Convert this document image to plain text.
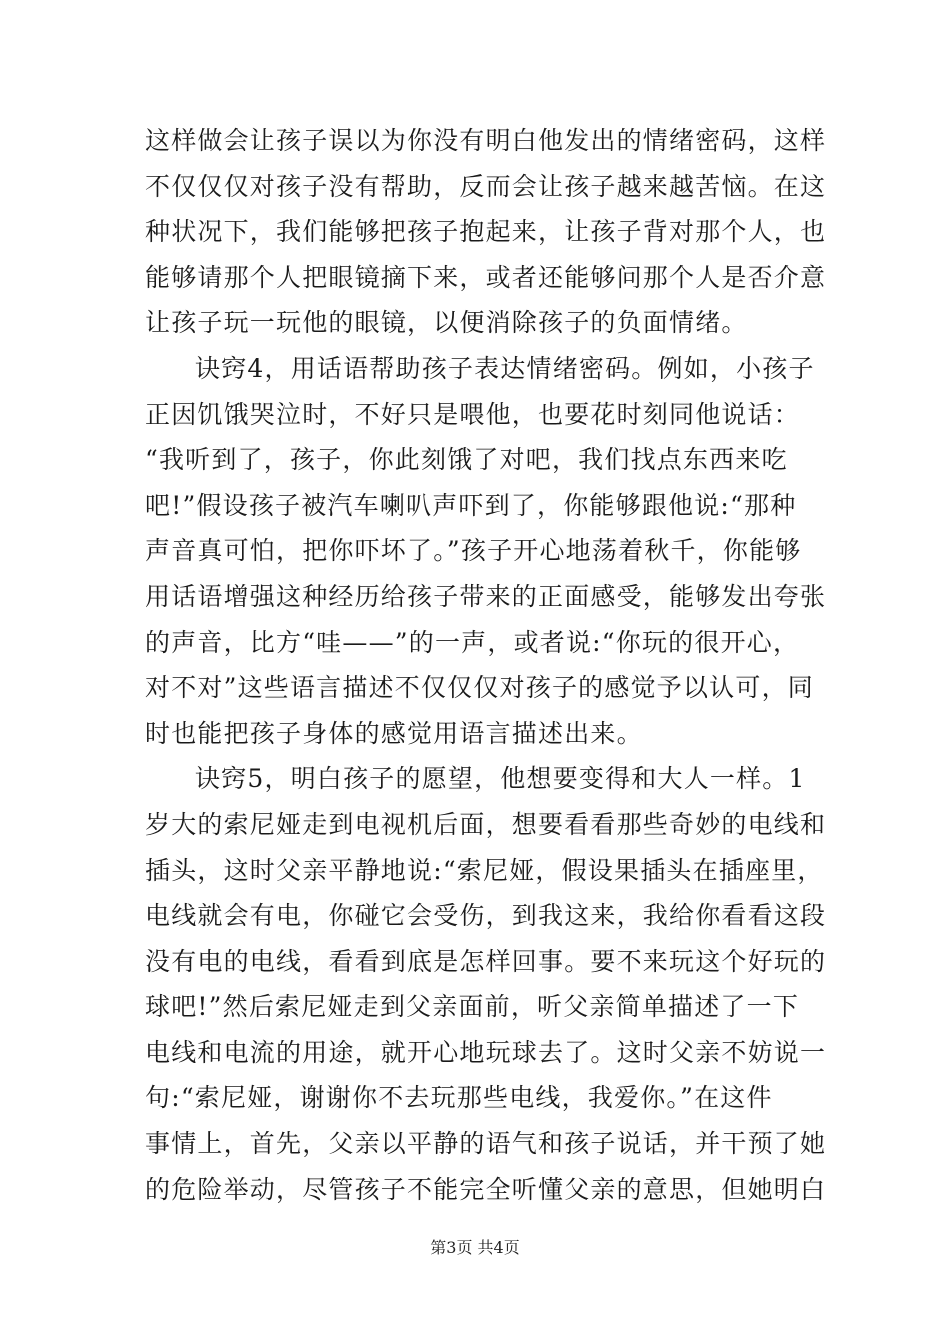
这样做会让孩子误以为你没有明白他发出的情绪密码，这样
不仅仅仅对孩子没有帮助，反而会让孩子越来越苦恼。在这
种状况下，我们能够把孩子抱起来，让孩子背对那个人，也
能够请那个人把眼镜摘下来，或者还能够问那个人是否介意
让孩子玩一玩他的眼镜，以便消除孩子的负面情绪。
诀窍4，用话语帮助孩子表达情绪密码。例如，小孩子
正因饥饿哭泣时，不好只是喂他，也要花时刻同他说话：
“我听到了，孩子，你此刻饿了对吧，我们找点东西来吃
吧!”假设孩子被汽车喇叭声吓到了，你能够跟他说:“那种
声音真可怕，把你吓坏了。”孩子开心地荡着秋千，你能够
用话语增强这种经历给孩子带来的正面感受，能够发出夸张
的声音，比方“哇——”的一声，或者说:“你玩的很开心，
对不对”这些语言描述不仅仅仅对孩子的感觉予以认可，同
时也能把孩子身体的感觉用语言描述出来。
诀窍5，明白孩子的愿望，他想要变得和大人一样。1
岁大的索尼娅走到电视机后面，想要看看那些奇妙的电线和
插头，这时父亲平静地说:“索尼娅，假设果插头在插座里，
电线就会有电，你碰它会受伤，到我这来，我给你看看这段
没有电的电线，看看到底是怎样回事。要不来玩这个好玩的
球吧!”然后索尼娅走到父亲面前，听父亲简单描述了一下
电线和电流的用途，就开心地玩球去了。这时父亲不妨说一
句:“索尼娅，谢谢你不去玩那些电线，我爱你。”在这件
事情上，首先，父亲以平静的语气和孩子说话，并干预了她
的危险举动，尽管孩子不能完全听懂父亲的意思，但她明白
第3页 共4页
